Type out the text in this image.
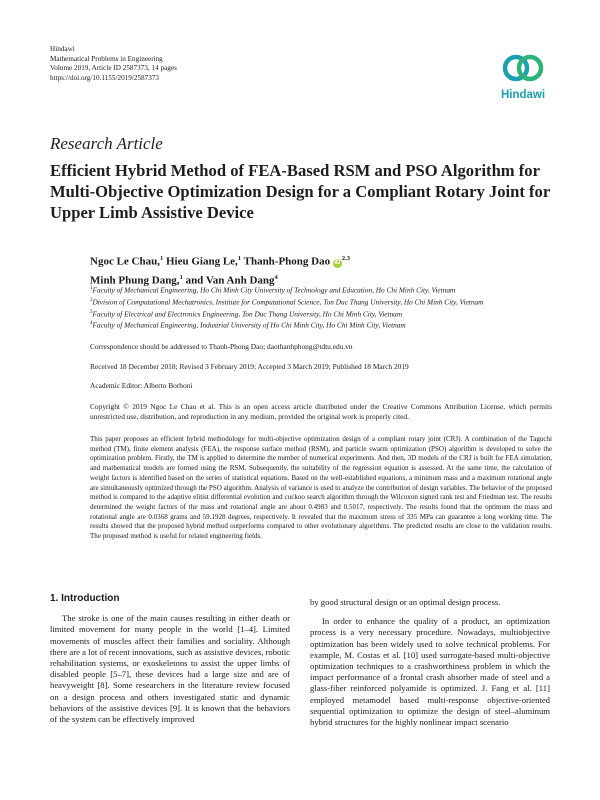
Hindawi
Mathematical Problems in Engineering
Volume 2019, Article ID 2587373, 14 pages
https://doi.org/10.1155/2019/2587373
Hindawi
Research Article
Efficient Hybrid Method of FEA-Based RSM and PSO Algorithm for Multi-Objective Optimization Design for a Compliant Rotary Joint for Upper Limb Assistive Device
Ngoc Le Chau,$^1$ Hieu Giang Le,$^1$ Thanh-Phong Dao iD$^{2,3}$
Minh Phung Dang,$^1$ and Van Anh Dang$^4$
$^1$Faculty of Mechanical Engineering, Ho Chi Minh City University of Technology and Education, Ho Chi Minh City, Vietnam
$^2$Division of Computational Mechatronics, Institute for Computational Science, Ton Duc Thang University, Ho Chi Minh City, Vietnam
$^3$Faculty of Electrical and Electronics Engineering, Ton Duc Thang University, Ho Chi Minh City, Vietnam
$^4$Faculty of Mechanical Engineering, Industrial University of Ho Chi Minh City, Ho Chi Minh City, Vietnam
Correspondence should be addressed to Thanh-Phong Dao; daothanhphong@tdtu.edu.vn
Received 18 December 2018; Revised 3 February 2019; Accepted 3 March 2019; Published 18 March 2019
Academic Editor: Alberto Borboni
Copyright © 2019 Ngoc Le Chau et al. This is an open access article distributed under the Creative Commons Attribution License, which permits unrestricted use, distribution, and reproduction in any medium, provided the original work is properly cited.
This paper proposes an efficient hybrid methodology for multi-objective optimization design of a compliant rotary joint (CRJ). A combination of the Taguchi method (TM), finite element analysis (FEA), the response surface method (RSM), and particle swarm optimization (PSO) algorithm is developed to solve the optimization problem. Firstly, the TM is applied to determine the number of numerical experiments. And then, 3D models of the CRJ is built for FEA simulation, and mathematical models are formed using the RSM. Subsequently, the suitability of the regression equation is assessed. At the same time, the calculation of weight factors is identified based on the series of statistical equations. Based on the well-established equations, a minimum mass and a maximum rotational angle are simultaneously optimized through the PSO algorithm. Analysis of variance is used to analyze the contribution of design variables. The behavior of the proposed method is compared to the adaptive elitist differential evolution and cuckoo search algorithm through the Wilcoxon signed rank test and Friedman test. The results determined the weight factors of the mass and rotational angle are about 0.4983 and 0.5017, respectively. The results found that the optimum the mass and rotational angle are 0.0368 grams and 59.1928 degrees, respectively. It revealed that the maximum stress of 335 MPa can guarantee a long working time. The results showed that the proposed hybrid method outperforms compared to other evolutionary algorithms. The predicted results are close to the validation results. The proposed method is useful for related engineering fields.
1. Introduction

The stroke is one of the main causes resulting in either death or limited movement for many people in the world [1–4]. Limited movements of muscles affect their families and sociality. Although there are a lot of recent innovations, such as assistive devices, robotic rehabilitation systems, or exoskeletons to assist the upper limbs of disabled people [5–7], these devices had a large size and are of heavyweight [8]. Some researchers in the literature review focused on a design process and others investigated static and dynamic behaviors of the assistive devices [9]. It is known that the behaviors of the system can be effectively improved

by good structural design or an optimal design process.

In order to enhance the quality of a product, an optimization process is a very necessary procedure. Nowadays, multiobjective optimization has been widely used to solve technical problems. For example, M. Costas et al. [10] used surrogate-based multi-objective optimization techniques to a crashworthiness problem in which the impact performance of a frontal crash absorber made of steel and a glass-fiber reinforced polyamide is optimized. J. Fang et al. [11] employed metamodel based multi-response objective-oriented sequential optimization to optimize the design of steel–aluminum hybrid structures for the highly nonlinear impact scenario
